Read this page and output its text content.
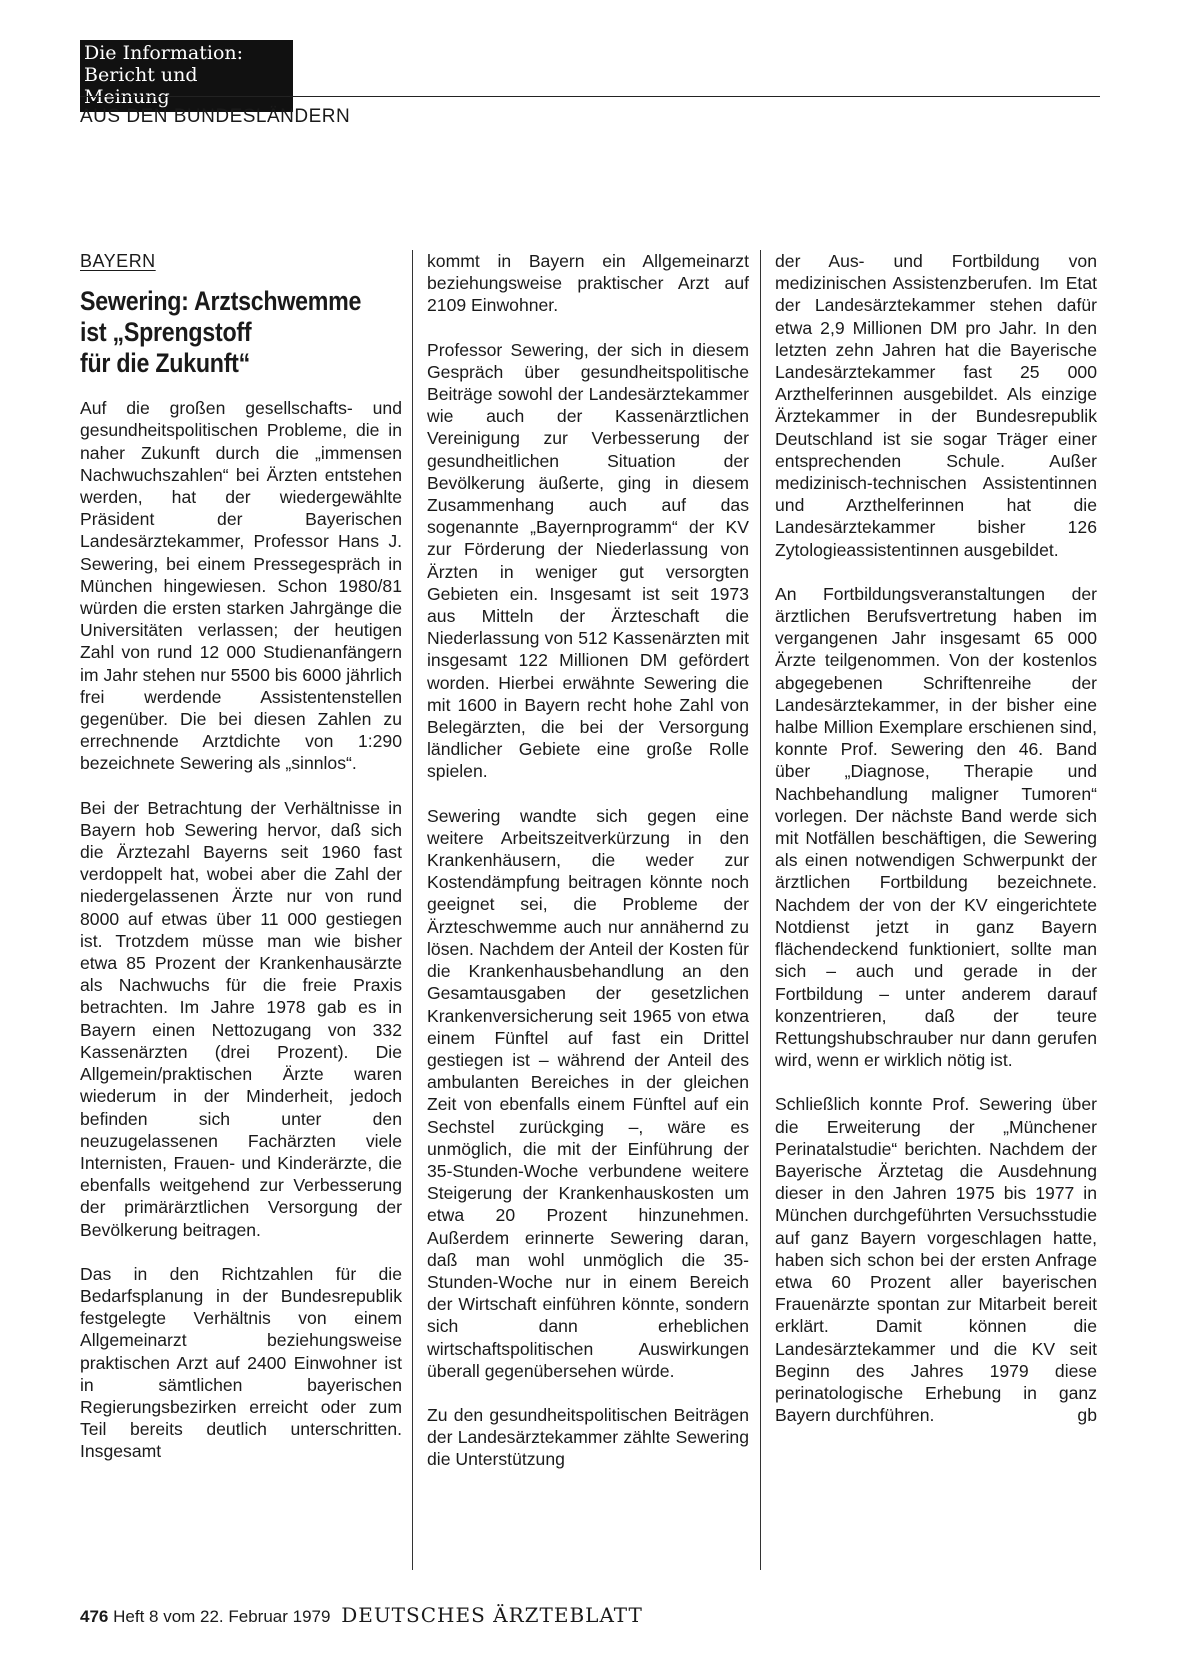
Die Information:
Bericht und Meinung
AUS DEN BUNDESLÄNDERN
BAYERN
Sewering: Arztschwemme
ist „Sprengstoff
für die Zukunft“

Auf die großen gesellschafts- und gesundheitspolitischen Probleme, die in naher Zukunft durch die „immensen Nachwuchszahlen“ bei Ärzten entstehen werden, hat der wiedergewählte Präsident der Bayerischen Landesärztekammer, Professor Hans J. Sewering, bei einem Pressegespräch in München hingewiesen. Schon 1980/81 würden die ersten starken Jahrgänge die Universitäten verlassen; der heutigen Zahl von rund 12 000 Studienanfängern im Jahr stehen nur 5500 bis 6000 jährlich frei werdende Assistentenstellen gegenüber. Die bei diesen Zahlen zu errechnende Arztdichte von 1:290 bezeichnete Sewering als „sinnlos“.

Bei der Betrachtung der Verhältnisse in Bayern hob Sewering hervor, daß sich die Ärztezahl Bayerns seit 1960 fast verdoppelt hat, wobei aber die Zahl der niedergelassenen Ärzte nur von rund 8000 auf etwas über 11 000 gestiegen ist. Trotzdem müsse man wie bisher etwa 85 Prozent der Krankenhausärzte als Nachwuchs für die freie Praxis betrachten. Im Jahre 1978 gab es in Bayern einen Nettozugang von 332 Kassenärzten (drei Prozent). Die Allgemein/praktischen Ärzte waren wiederum in der Minderheit, jedoch befinden sich unter den neuzugelassenen Fachärzten viele Internisten, Frauen- und Kinderärzte, die ebenfalls weitgehend zur Verbesserung der primärärztlichen Versorgung der Bevölkerung beitragen.

Das in den Richtzahlen für die Bedarfsplanung in der Bundesrepublik festgelegte Verhältnis von einem Allgemeinarzt beziehungsweise praktischen Arzt auf 2400 Einwohner ist in sämtlichen bayerischen Regierungsbezirken erreicht oder zum Teil bereits deutlich unterschritten. Insgesamt

kommt in Bayern ein Allgemeinarzt beziehungsweise praktischer Arzt auf 2109 Einwohner.

Professor Sewering, der sich in diesem Gespräch über gesundheitspolitische Beiträge sowohl der Landesärztekammer wie auch der Kassenärztlichen Vereinigung zur Verbesserung der gesundheitlichen Situation der Bevölkerung äußerte, ging in diesem Zusammenhang auch auf das sogenannte „Bayernprogramm“ der KV zur Förderung der Niederlassung von Ärzten in weniger gut versorgten Gebieten ein. Insgesamt ist seit 1973 aus Mitteln der Ärzteschaft die Niederlassung von 512 Kassenärzten mit insgesamt 122 Millionen DM gefördert worden. Hierbei erwähnte Sewering die mit 1600 in Bayern recht hohe Zahl von Belegärzten, die bei der Versorgung ländlicher Gebiete eine große Rolle spielen.

Sewering wandte sich gegen eine weitere Arbeitszeitverkürzung in den Krankenhäusern, die weder zur Kostendämpfung beitragen könnte noch geeignet sei, die Probleme der Ärzteschwemme auch nur annähernd zu lösen. Nachdem der Anteil der Kosten für die Krankenhausbehandlung an den Gesamtausgaben der gesetzlichen Krankenversicherung seit 1965 von etwa einem Fünftel auf fast ein Drittel gestiegen ist – während der Anteil des ambulanten Bereiches in der gleichen Zeit von ebenfalls einem Fünftel auf ein Sechstel zurückging –, wäre es unmöglich, die mit der Einführung der 35-Stunden-Woche verbundene weitere Steigerung der Krankenhauskosten um etwa 20 Prozent hinzunehmen. Außerdem erinnerte Sewering daran, daß man wohl unmöglich die 35-Stunden-Woche nur in einem Bereich der Wirtschaft einführen könnte, sondern sich dann erheblichen wirtschaftspolitischen Auswirkungen überall gegenübersehen würde.

Zu den gesundheitspolitischen Beiträgen der Landesärztekammer zählte Sewering die Unterstützung

der Aus- und Fortbildung von medizinischen Assistenzberufen. Im Etat der Landesärztekammer stehen dafür etwa 2,9 Millionen DM pro Jahr. In den letzten zehn Jahren hat die Bayerische Landesärztekammer fast 25 000 Arzthelferinnen ausgebildet. Als einzige Ärztekammer in der Bundesrepublik Deutschland ist sie sogar Träger einer entsprechenden Schule. Außer medizinisch-technischen Assistentinnen und Arzthelferinnen hat die Landesärztekammer bisher 126 Zytologieassistentinnen ausgebildet.

An Fortbildungsveranstaltungen der ärztlichen Berufsvertretung haben im vergangenen Jahr insgesamt 65 000 Ärzte teilgenommen. Von der kostenlos abgegebenen Schriftenreihe der Landesärztekammer, in der bisher eine halbe Million Exemplare erschienen sind, konnte Prof. Sewering den 46. Band über „Diagnose, Therapie und Nachbehandlung maligner Tumoren“ vorlegen. Der nächste Band werde sich mit Notfällen beschäftigen, die Sewering als einen notwendigen Schwerpunkt der ärztlichen Fortbildung bezeichnete. Nachdem der von der KV eingerichtete Notdienst jetzt in ganz Bayern flächendeckend funktioniert, sollte man sich – auch und gerade in der Fortbildung – unter anderem darauf konzentrieren, daß der teure Rettungshubschrauber nur dann gerufen wird, wenn er wirklich nötig ist.

Schließlich konnte Prof. Sewering über die Erweiterung der „Münchener Perinatalstudie“ berichten. Nachdem der Bayerische Ärztetag die Ausdehnung dieser in den Jahren 1975 bis 1977 in München durchgeführten Versuchsstudie auf ganz Bayern vorgeschlagen hatte, haben sich schon bei der ersten Anfrage etwa 60 Prozent aller bayerischen Frauenärzte spontan zur Mitarbeit bereit erklärt. Damit können die Landesärztekammer und die KV seit Beginn des Jahres 1979 diese perinatologische Erhebung in ganz Bayern durchführen.	gb

476 Heft 8 vom 22. Februar 1979 DEUTSCHES ÄRZTEBLATT
